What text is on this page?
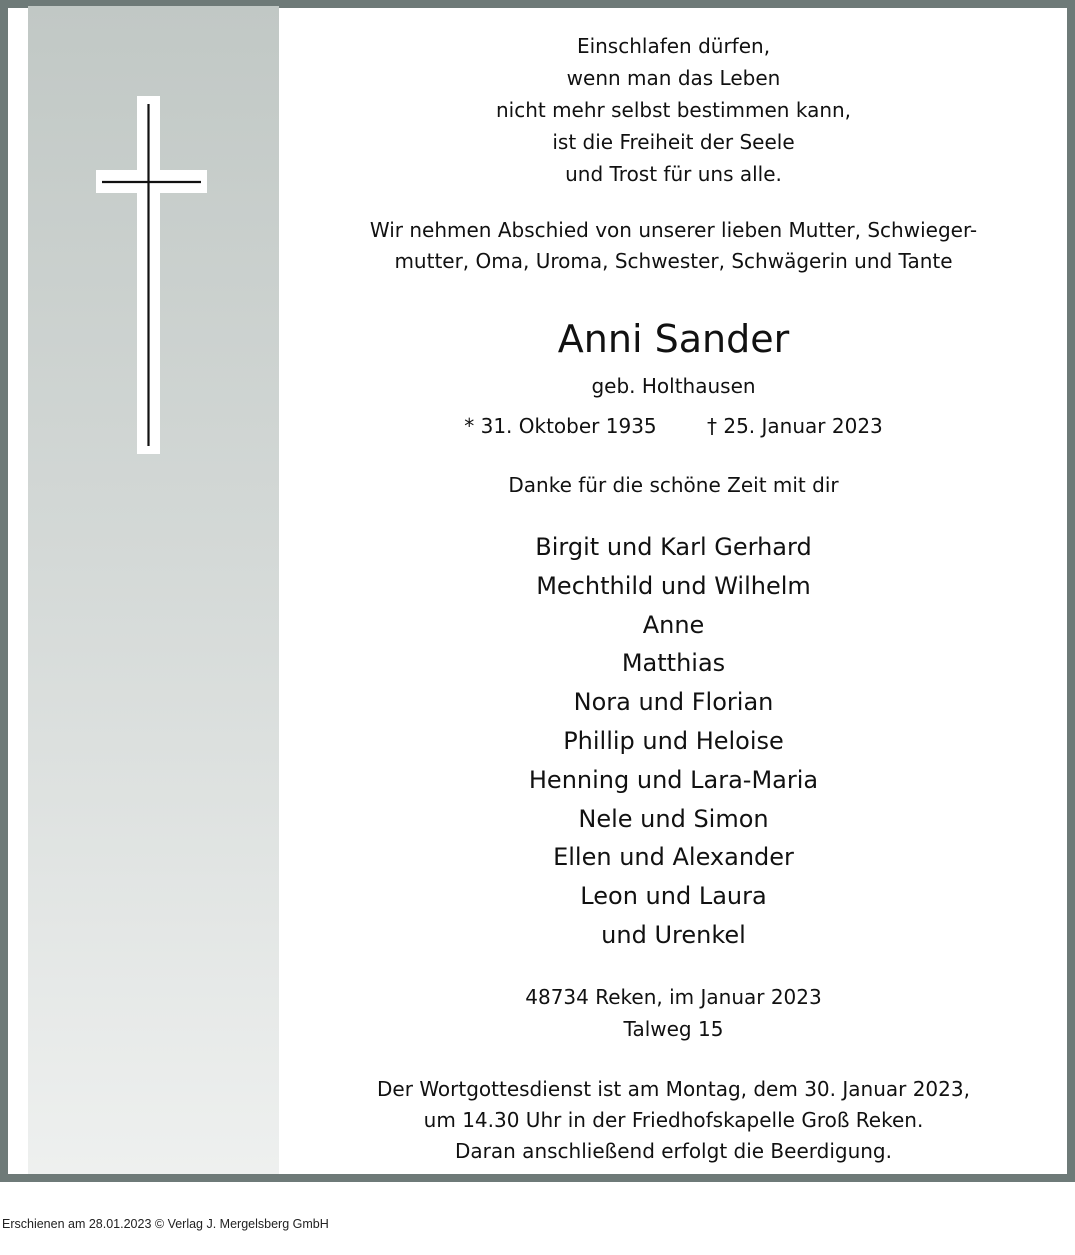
Einschlafen dürfen,
wenn man das Leben
nicht mehr selbst bestimmen kann,
ist die Freiheit der Seele
und Trost für uns alle.
Wir nehmen Abschied von unserer lieben Mutter, Schwieger-
mutter, Oma, Uroma, Schwester, Schwägerin und Tante
Anni Sander
geb. Holthausen
* 31. Oktober 1935	† 25. Januar 2023
Danke für die schöne Zeit mit dir
Birgit und Karl Gerhard
Mechthild und Wilhelm
Anne
Matthias
Nora und Florian
Phillip und Heloise
Henning und Lara-Maria
Nele und Simon
Ellen und Alexander
Leon und Laura
und Urenkel
48734 Reken, im Januar 2023
Talweg 15
Der Wortgottesdienst ist am Montag, dem 30. Januar 2023,
um 14.30 Uhr in der Friedhofskapelle Groß Reken.
Daran anschließend erfolgt die Beerdigung.
Erschienen am 28.01.2023 © Verlag J. Mergelsberg GmbH
